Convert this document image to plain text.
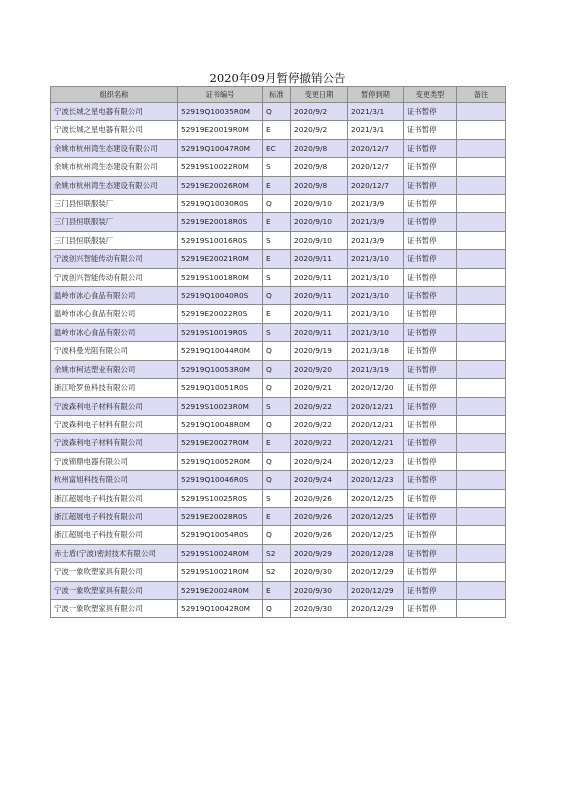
2020年09月暂停撤销公告
组织名称	证书编号	标准	变更日期	暂停到期	变更类型	备注
宁波长城之星电器有限公司	52919Q10035R0M	Q	2020/9/2	2021/3/1	证书暂停	
宁波长城之星电器有限公司	52919E20019R0M	E	2020/9/2	2021/3/1	证书暂停	
余姚市杭州湾生态建设有限公司	52919Q10047R0M	EC	2020/9/8	2020/12/7	证书暂停	
余姚市杭州湾生态建设有限公司	52919S10022R0M	S	2020/9/8	2020/12/7	证书暂停	
余姚市杭州湾生态建设有限公司	52919E20026R0M	E	2020/9/8	2020/12/7	证书暂停	
三门县恒联服装厂	52919Q10030R0S	Q	2020/9/10	2021/3/9	证书暂停	
三门县恒联服装厂	52919E20018R0S	E	2020/9/10	2021/3/9	证书暂停	
三门县恒联服装厂	52919S10016R0S	S	2020/9/10	2021/3/9	证书暂停	
宁波创兴智能传动有限公司	52919E20021R0M	E	2020/9/11	2021/3/10	证书暂停	
宁波创兴智能传动有限公司	52919S10018R0M	S	2020/9/11	2021/3/10	证书暂停	
温岭市冰心食品有限公司	52919Q10040R0S	Q	2020/9/11	2021/3/10	证书暂停	
温岭市冰心食品有限公司	52919E20022R0S	E	2020/9/11	2021/3/10	证书暂停	
温岭市冰心食品有限公司	52919S10019R0S	S	2020/9/11	2021/3/10	证书暂停	
宁波科曼光阻有限公司	52919Q10044R0M	Q	2020/9/19	2021/3/18	证书暂停	
余姚市柯达塑业有限公司	52919Q10053R0M	Q	2020/9/20	2021/3/19	证书暂停	
浙江哈罗鱼科技有限公司	52919Q10051R0S	Q	2020/9/21	2020/12/20	证书暂停	
宁波森利电子材料有限公司	52919S10023R0M	S	2020/9/22	2020/12/21	证书暂停	
宁波森利电子材料有限公司	52919Q10048R0M	Q	2020/9/22	2020/12/21	证书暂停	
宁波森利电子材料有限公司	52919E20027R0M	E	2020/9/22	2020/12/21	证书暂停	
宁波锦鼎电器有限公司	52919Q10052R0M	Q	2020/9/24	2020/12/23	证书暂停	
杭州富旭科技有限公司	52919Q10046R0S	Q	2020/9/24	2020/12/23	证书暂停	
浙江超展电子科技有限公司	52919S10025R0S	S	2020/9/26	2020/12/25	证书暂停	
浙江超展电子科技有限公司	52919E20028R0S	E	2020/9/26	2020/12/25	证书暂停	
浙江超展电子科技有限公司	52919Q10054R0S	Q	2020/9/26	2020/12/25	证书暂停	
赤士盾(宁波)密封技术有限公司	52919S10024R0M	S2	2020/9/29	2020/12/28	证书暂停	
宁波一象吹塑家具有限公司	52919S10021R0M	S2	2020/9/30	2020/12/29	证书暂停	
宁波一象吹塑家具有限公司	52919E20024R0M	E	2020/9/30	2020/12/29	证书暂停	
宁波一象吹塑家具有限公司	52919Q10042R0M	Q	2020/9/30	2020/12/29	证书暂停	
